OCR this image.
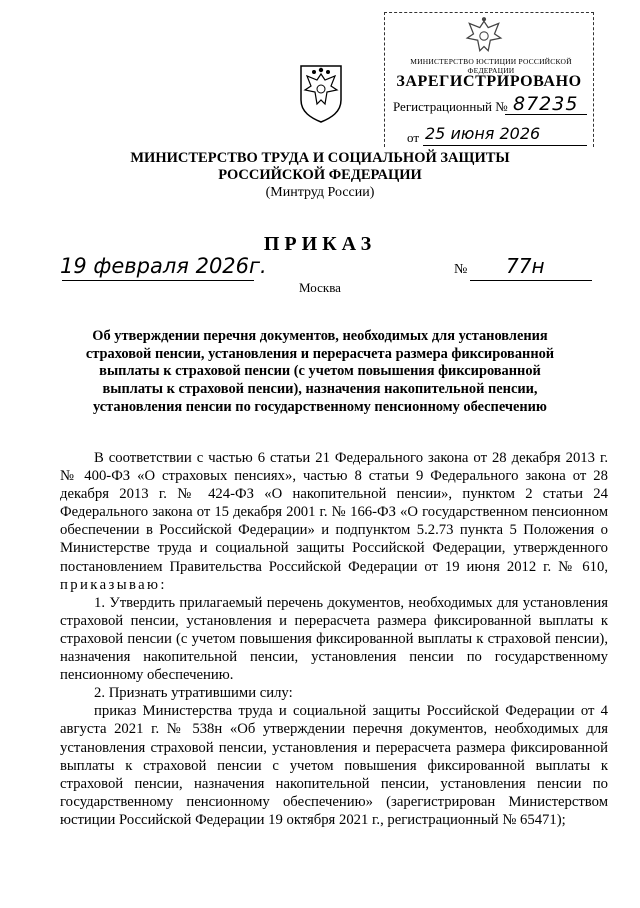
МИНИСТЕРСТВО ЮСТИЦИИ РОССИЙСКОЙ ФЕДЕРАЦИИ
ЗАРЕГИСТРИРОВАНО
Регистрационный № 87235
от 25 июня 2026
МИНИСТЕРСТВО ТРУДА И СОЦИАЛЬНОЙ ЗАЩИТЫ
РОССИЙСКОЙ ФЕДЕРАЦИИ
(Минтруд России)
ПРИКАЗ
19 февраля 2026г.
Москва
№ 77н
Об утверждении перечня документов, необходимых для установления страховой пенсии, установления и перерасчета размера фиксированной выплаты к страховой пенсии (с учетом повышения фиксированной выплаты к страховой пенсии), назначения накопительной пенсии, установления пенсии по государственному пенсионному обеспечению

В соответствии с частью 6 статьи 21 Федерального закона от 28 декабря 2013 г. № 400-ФЗ «О страховых пенсиях», частью 8 статьи 9 Федерального закона от 28 декабря 2013 г. № 424-ФЗ «О накопительной пенсии», пунктом 2 статьи 24 Федерального закона от 15 декабря 2001 г. № 166-ФЗ «О государственном пенсионном обеспечении в Российской Федерации» и подпунктом 5.2.73 пункта 5 Положения о Министерстве труда и социальной защиты Российской Федерации, утвержденного постановлением Правительства Российской Федерации от 19 июня 2012 г. № 610, приказываю:

1. Утвердить прилагаемый перечень документов, необходимых для установления страховой пенсии, установления и перерасчета размера фиксированной выплаты к страховой пенсии (с учетом повышения фиксированной выплаты к страховой пенсии), назначения накопительной пенсии, установления пенсии по государственному пенсионному обеспечению.

2. Признать утратившими силу:

приказ Министерства труда и социальной защиты Российской Федерации от 4 августа 2021 г. № 538н «Об утверждении перечня документов, необходимых для установления страховой пенсии, установления и перерасчета размера фиксированной выплаты к страховой пенсии с учетом повышения фиксированной выплаты к страховой пенсии, назначения накопительной пенсии, установления пенсии по государственному пенсионному обеспечению» (зарегистрирован Министерством юстиции Российской Федерации 19 октября 2021 г., регистрационный № 65471);
